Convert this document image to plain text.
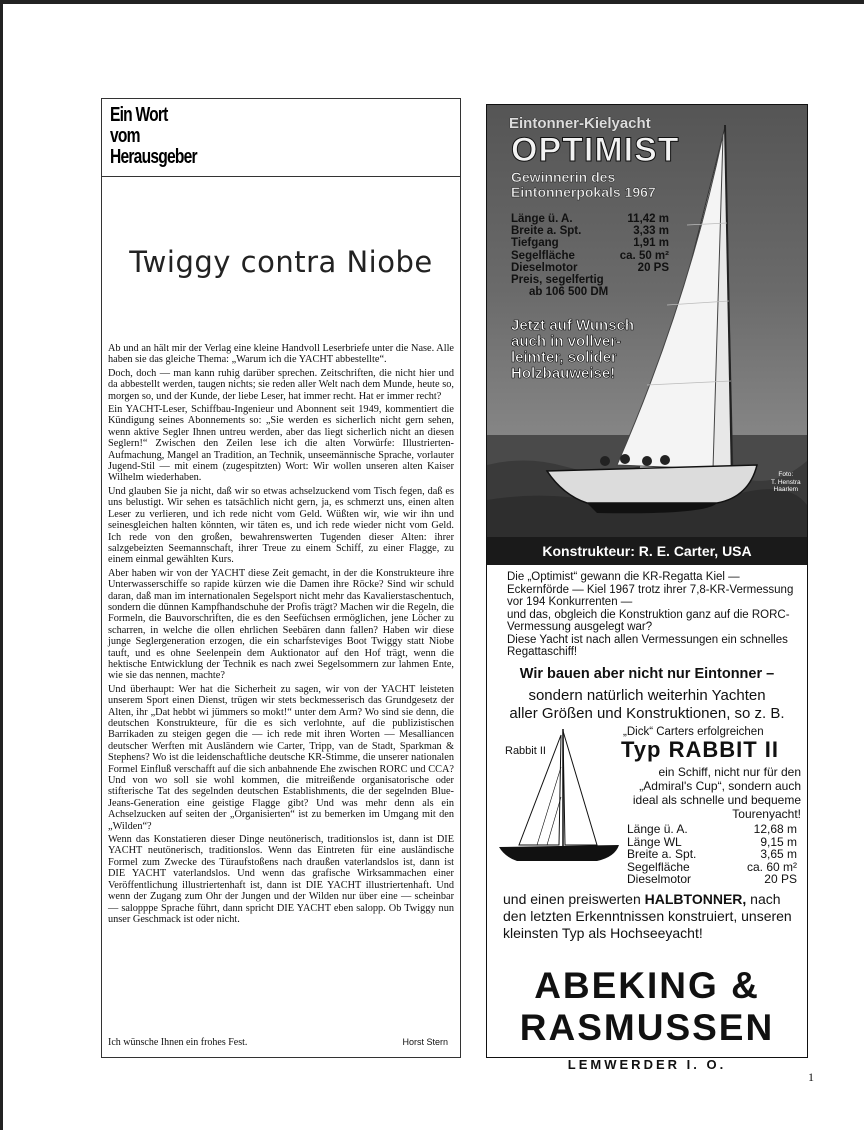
Ein Wort
vom
Herausgeber
Twiggy contra Niobe

Ab und an hält mir der Verlag eine kleine Handvoll Leserbriefe unter die Nase. Alle haben sie das gleiche Thema: „Warum ich die YACHT abbestellte“.

Doch, doch — man kann ruhig darüber sprechen. Zeitschriften, die nicht hier und da abbestellt werden, taugen nichts; sie reden aller Welt nach dem Munde, heute so, morgen so, und der Kunde, der liebe Leser, hat immer recht. Hat er immer recht?

Ein YACHT-Leser, Schiffbau-Ingenieur und Abonnent seit 1949, kommentiert die Kündigung seines Abonnements so: „Sie werden es sicherlich nicht gern sehen, wenn aktive Segler Ihnen untreu werden, aber das liegt sicherlich nicht an diesen Seglern!“ Zwischen den Zeilen lese ich die alten Vorwürfe: Illustrierten-Aufmachung, Mangel an Tradition, an Technik, unseemännische Sprache, vorlauter Jugend-Stil — mit einem (zugespitzten) Wort: Wir wollen unseren alten Kaiser Wilhelm wiederhaben.

Und glauben Sie ja nicht, daß wir so etwas achselzuckend vom Tisch fegen, daß es uns belustigt. Wir sehen es tatsächlich nicht gern, ja, es schmerzt uns, einen alten Leser zu verlieren, und ich rede nicht vom Geld. Wüßten wir, wie wir ihn und seinesgleichen halten könnten, wir täten es, und ich rede wieder nicht vom Geld. Ich rede von den großen, bewahrenswerten Tugenden dieser Alten: ihrer salzgebeizten Seemannschaft, ihrer Treue zu einem Schiff, zu einer Flagge, zu einem einmal gewählten Kurs.

Aber haben wir von der YACHT diese Zeit gemacht, in der die Konstrukteure ihre Unterwasserschiffe so rapide kürzen wie die Damen ihre Röcke? Sind wir schuld daran, daß man im internationalen Segelsport nicht mehr das Kavalierstaschentuch, sondern die dünnen Kampfhandschuhe der Profis trägt? Machen wir die Regeln, die Formeln, die Bauvorschriften, die es den Seefüchsen ermöglichen, jene Löcher zu scharren, in welche die ollen ehrlichen Seebären dann fallen? Haben wir diese junge Seglergeneration erzogen, die ein scharfsteviges Boot Twiggy statt Niobe tauft, und es ohne Seelenpein dem Auktionator auf den Hof trägt, wenn die hektische Entwicklung der Technik es nach zwei Segelsommern zur lahmen Ente, wie sie das nennen, machte?

Und überhaupt: Wer hat die Sicherheit zu sagen, wir von der YACHT leisteten unserem Sport einen Dienst, trügen wir stets beckmesserisch das Grundgesetz der Alten, ihr „Dat hebbt wi jümmers so mokt!“ unter dem Arm? Wo sind sie denn, die deutschen Konstrukteure, für die es sich verlohnte, auf die publizistischen Barrikaden zu steigen gegen die — ich rede mit ihren Worten — Mesalliancen deutscher Werften mit Ausländern wie Carter, Tripp, van de Stadt, Sparkman & Stephens? Wo ist die leidenschaftliche deutsche KR-Stimme, die unserer nationalen Formel Einfluß verschafft auf die sich anbahnende Ehe zwischen RORC und CCA? Und von wo soll sie wohl kommen, die mitreißende organisatorische oder stifterische Tat des segelnden deutschen Establishments, die der segelnden Blue-Jeans-Generation eine geistige Flagge gibt? Und was mehr denn als ein Achselzucken auf seiten der „Organisierten“ ist zu bemerken im Umgang mit den „Wilden“?

Wenn das Konstatieren dieser Dinge neutönerisch, traditionslos ist, dann ist DIE YACHT neutönerisch, traditionslos. Wenn das Eintreten für eine ausländische Formel zum Zwecke des Türaufstoßens nach draußen vaterlandslos ist, dann ist DIE YACHT vaterlandslos. Und wenn das grafische Wirksammachen einer Veröffentlichung illustriertenhaft ist, dann ist DIE YACHT illustriertenhaft. Und wenn der Zugang zum Ohr der Jungen und der Wilden nur über eine — scheinbar — salopppe Sprache führt, dann spricht DIE YACHT eben salopp. Ob Twiggy nun unser Geschmack ist oder nicht.

Ich wünsche Ihnen ein frohes Fest.	Horst Stern
Eintonner-Kielyacht
OPTIMIST
Gewinnerin des
Eintonnerpokals 1967
Länge ü. A.	11,42 m
Breite a. Spt.	3,33 m
Tiefgang	1,91 m
Segelfläche	ca. 50 m²
Dieselmotor	20 PS
Preis, segelfertig
ab 106 500 DM
Jetzt auf Wunsch
auch in vollver-
leimter, solider
Holzbauweise!
Foto:
T. Henstra
Haarlem
Konstrukteur: R. E. Carter, USA

Die „Optimist“ gewann die KR-Regatta Kiel — Eckernförde — Kiel 1967 trotz ihrer 7,8-KR-Vermessung vor 194 Konkurrenten —

und das, obgleich die Konstruktion ganz auf die RORC-Vermessung ausgelegt war?

Diese Yacht ist nach allen Vermessungen ein schnelles Regattaschiff!

Wir bauen aber nicht nur Eintonner –
sondern natürlich weiterhin Yachten
aller Größen und Konstruktionen, so z. B.
Rabbit II
„Dick“ Carters erfolgreichen
Typ RABBIT II
ein Schiff, nicht nur für den „Admiral's Cup“, sondern auch ideal als schnelle und bequeme Tourenyacht!
Länge ü. A.	12,68 m
Länge WL	9,15 m
Breite a. Spt.	3,65 m
Segelfläche	ca. 60 m²
Dieselmotor	20 PS
und einen preiswerten HALBTONNER, nach den letzten Erkenntnissen konstruiert, unseren kleinsten Typ als Hochseeyacht!
ABEKING &
RASMUSSEN
LEMWERDER I. O.
1
